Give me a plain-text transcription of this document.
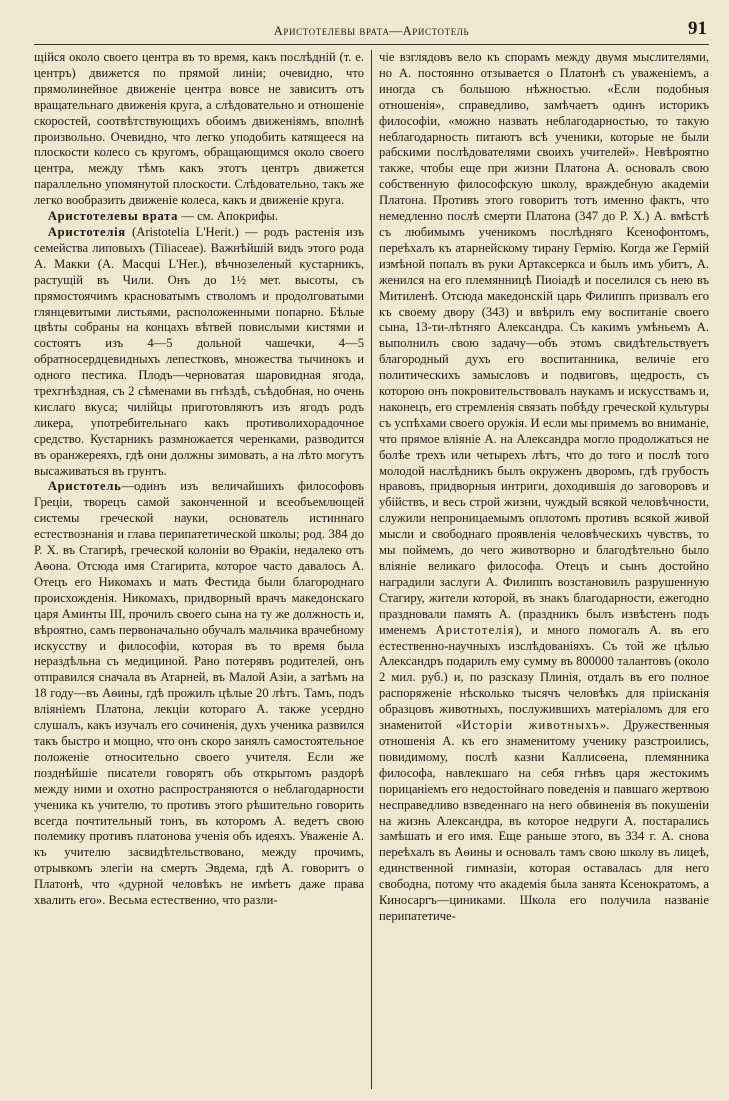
Аристотелевы врата—Аристотель	91

щійся около своего центра въ то время, какъ послѣдній (т. е. центръ) движется по прямой линіи; очевидно, что прямолинейное движеніе центра вовсе не зависитъ отъ вращательнаго движенія круга, а слѣдовательно и отношеніе скоростей, соотвѣтствующихъ обоимъ движеніямъ, вполнѣ произвольно. Очевидно, что легко уподобить катящееся на плоскости колесо съ кругомъ, обращающимся около своего центра, между тѣмъ какъ этотъ центръ движется параллельно упомянутой плоскости. Слѣдовательно, такъ же легко вообразить движеніе колеса, какъ и движеніе круга.

Аристотелевы врата — см. Апокрифы.

Аристотелія (Aristotelia L'Herit.) — родъ растенія изъ семейства липовыхъ (Tiliaceae). Важнѣйшій видъ этого рода А. Макки (A. Macqui L'Her.), вѣчнозеленый кустарникъ, растущій въ Чили. Онъ до 1½ мет. высоты, съ прямостоячимъ красноватымъ стволомъ и продолговатыми глянцевитыми листьями, расположенными попарно. Бѣлые цвѣты собраны на концахъ вѣтвей повислыми кистями и состоятъ изъ 4—5 дольной чашечки, 4—5 обратносердцевидныхъ лепестковъ, множества тычинокъ и одного пестика. Плодъ—черноватая шаровидная ягода, трехгнѣздная, съ 2 сѣменами въ гнѣздѣ, съѣдобная, но очень кислаго вкуса; чилійцы приготовляютъ изъ ягодъ родъ ликера, употребительнаго какъ противолихорадочное средство. Кустарникъ размножается черенками, разводится въ оранжереяхъ, гдѣ они должны зимовать, а на лѣто могутъ высаживаться въ грунтъ.

Аристотель—одинъ изъ величайшихъ философовъ Греціи, творецъ самой законченной и всеобъемлющей системы греческой науки, основатель истиннаго естествознанія и глава перипатетической школы; род. 384 до Р. Х. въ Стагирѣ, греческой колоніи во Ѳракіи, недалеко отъ Аѳона. Отсюда имя Стагирита, которое часто давалось А. Отецъ его Никомахъ и мать Фестида были благороднаго происхожденія. Никомахъ, придворный врачъ македонскаго царя Аминты III, прочилъ своего сына на ту же должность и, вѣроятно, самъ первоначально обучалъ мальчика врачебному искусству и философіи, которая въ то время была нераздѣльна съ медициной. Рано потерявъ родителей, онъ отправился сначала въ Атарней, въ Малой Азіи, а затѣмъ на 18 году—въ Аѳины, гдѣ прожилъ цѣлые 20 лѣтъ. Тамъ, подъ вліяніемъ Платона, лекціи котораго А. также усердно слушалъ, какъ изучалъ его сочиненія, духъ ученика развился такъ быстро и мощно, что онъ скоро занялъ самостоятельное положеніе относительно своего учителя. Если же позднѣйшіе писатели говорятъ объ открытомъ раздорѣ между ними и охотно распространяются о неблагодарности ученика къ учителю, то противъ этого рѣшительно говорить всегда почтительный тонъ, въ которомъ А. ведетъ свою полемику противъ платонова ученія объ идеяхъ. Уваженіе А. къ учителю засвидѣтельствовано, между прочимъ, отрывкомъ элегіи на смерть Эвдема, гдѣ А. говоритъ о Платонѣ, что «дурной человѣкъ не имѣетъ даже права хвалить его». Весьма естественно, что разли-

чіе взглядовъ вело къ спорамъ между двумя мыслителями, но А. постоянно отзывается о Платонѣ съ уваженіемъ, а иногда съ большою нѣжностью. «Если подобныя отношенія», справедливо, замѣчаетъ одинъ историкъ философіи, «можно назвать неблагодарностью, то такую неблагодарность питаютъ всѣ ученики, которые не были рабскими послѣдователями своихъ учителей». Невѣроятно также, чтобы еще при жизни Платона А. основалъ свою собственную философскую школу, враждебную академіи Платона. Противъ этого говоритъ тотъ именно фактъ, что немедленно послѣ смерти Платона (347 до Р. Х.) А. вмѣстѣ съ любимымъ ученикомъ послѣдняго Ксенофонтомъ, переѣхалъ къ атарнейскому тирану Гермію. Когда же Гермій измѣной попалъ въ руки Артаксеркса и былъ имъ убитъ, А. женился на его племянницѣ Пиоіадѣ и поселился съ нею въ Митиленѣ. Отсюда македонскій царь Филиппъ призвалъ его къ своему двору (343) и ввѣрилъ ему воспитаніе своего сына, 13-ти-лѣтняго Александра. Съ какимъ умѣньемъ А. выполнилъ свою задачу—объ этомъ свидѣтельствуетъ благородный духъ его воспитанника, величіе его политическихъ замысловъ и подвиговъ, щедрость, съ которою онъ покровительствовалъ наукамъ и искусствамъ и, наконецъ, его стремленія связать побѣду греческой культуры съ успѣхами своего оружія. И если мы примемъ во вниманіе, что прямое вліяніе А. на Александра могло продолжаться не болѣе трехъ или четырехъ лѣтъ, что до того и послѣ того молодой наслѣдникъ былъ окруженъ дворомъ, гдѣ грубость нравовъ, придворныя интриги, доходившія до заговоровъ и убійствъ, и весь строй жизни, чуждый всякой человѣчности, служили непроницаемымъ оплотомъ противъ всякой живой мысли и свободнаго проявленія человѣческихъ чувствъ, то мы поймемъ, до чего животворно и благодѣтельно было вліяніе великаго философа. Отецъ и сынъ достойно наградили заслуги А. Филиппъ возстановилъ разрушенную Стагиру, жители которой, въ знакъ благодарности, ежегодно праздновали память А. (праздникъ былъ извѣстенъ подъ именемъ Аристотелія), и много помогалъ А. въ его естественно-научныхъ изслѣдованіяхъ. Съ той же цѣлью Александръ подарилъ ему сумму въ 800000 талантовъ (около 2 мил. руб.) и, по разсказу Плинія, отдалъ въ его полное распоряженіе нѣсколько тысячъ человѣкъ для пріисканія образцовъ животныхъ, послужившихъ матеріаломъ для его знаменитой «Исторіи животныхъ». Дружественныя отношенія А. къ его знаменитому ученику разстроились, повидимому, послѣ казни Каллисѳена, племянника философа, навлекшаго на себя гнѣвъ царя жестокимъ порицаніемъ его недостойнаго поведенія и павшаго жертвою несправедливо взведеннаго на него обвиненія въ покушеніи на жизнь Александра, въ которое недруги А. постарались замѣшать и его имя. Еще раньше этого, въ 334 г. А. снова переѣхалъ въ Аѳины и основалъ тамъ свою школу въ лицеѣ, единственной гимназіи, которая оставалась для него свободна, потому что академія была занята Ксенократомъ, а Киносаргъ—циниками. Школа его получила названіе перипатетиче-
